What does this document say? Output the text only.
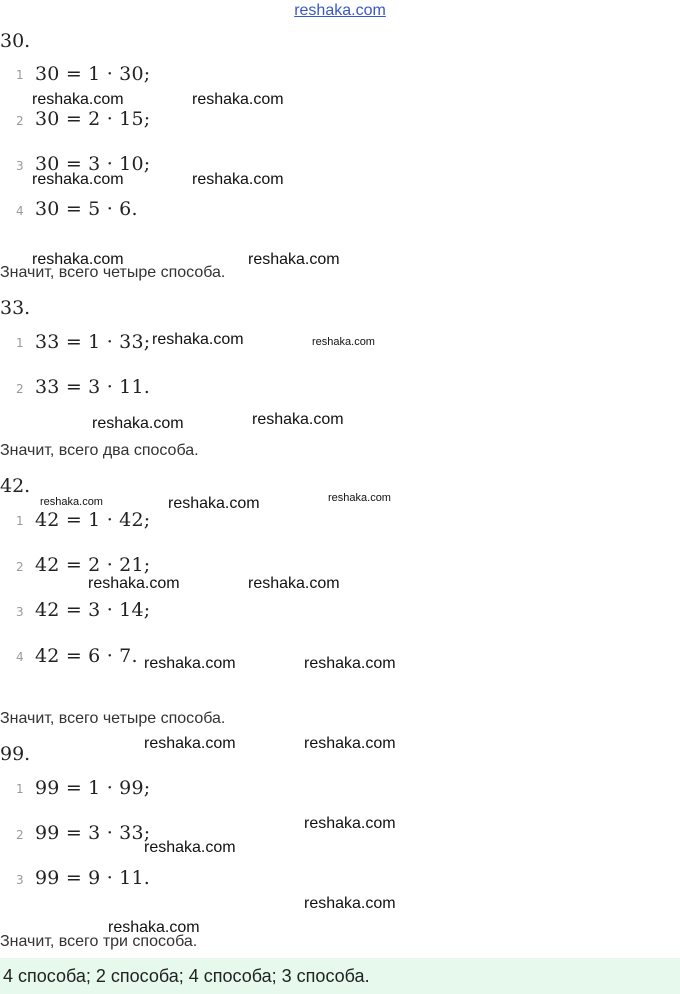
reshaka.com
30.
1 30 = 1 · 30;
2 30 = 2 · 15;
3 30 = 3 · 10;
4 30 = 5 · 6.
Значит, всего четыре способа.
33.
1 33 = 1 · 33;
2 33 = 3 · 11.
Значит, всего два способа.
42.
1 42 = 1 · 42;
2 42 = 2 · 21;
3 42 = 3 · 14;
4 42 = 6 · 7.
Значит, всего четыре способа.
99.
1 99 = 1 · 99;
2 99 = 3 · 33;
3 99 = 9 · 11.
Значит, всего три способа.
4 способа; 2 способа; 4 способа; 3 способа.
reshaka.com	reshaka.com
reshaka.com	reshaka.com
reshaka.com	reshaka.com
reshaka.com	reshaka.com
reshaka.com	reshaka.com
reshaka.com	reshaka.com	reshaka.com
reshaka.com	reshaka.com
reshaka.com	reshaka.com
reshaka.com	reshaka.com
reshaka.com
reshaka.com
reshaka.com
reshaka.com
